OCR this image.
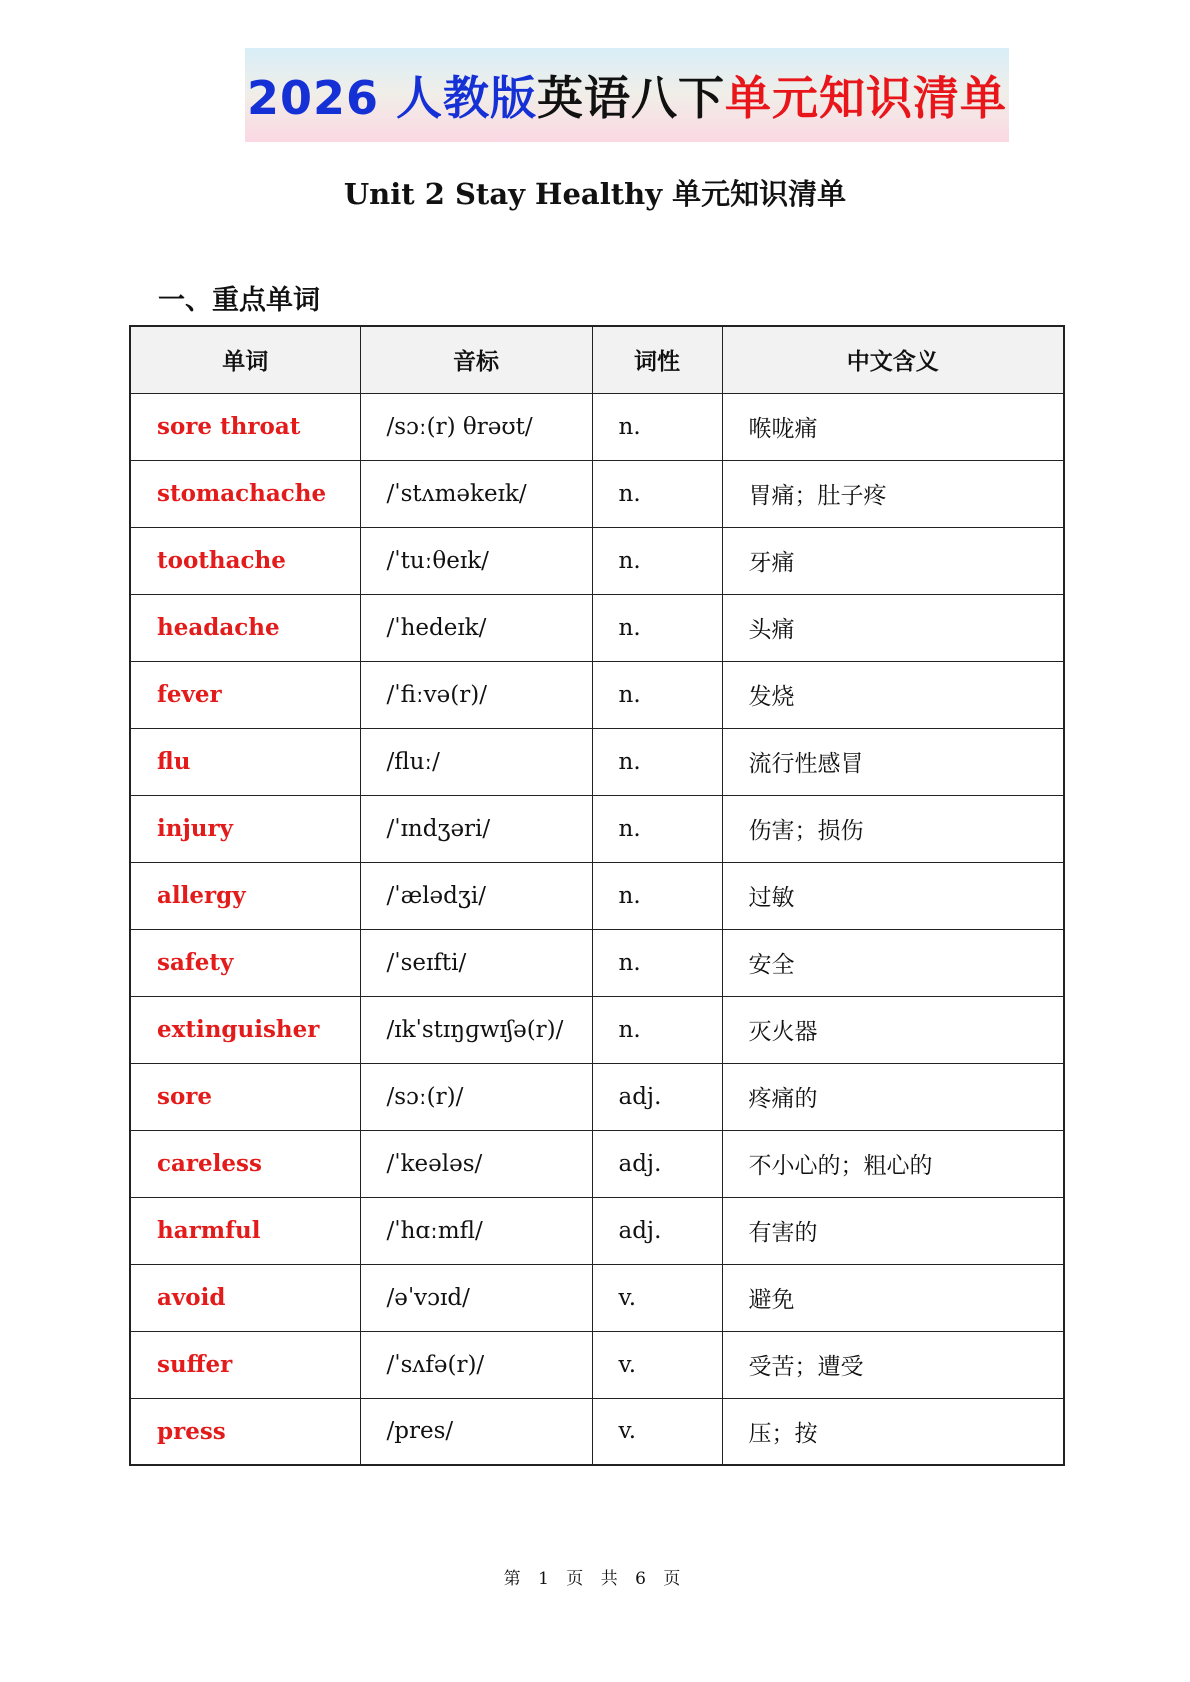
2026 人教版 英语八下 单元知识清单
Unit 2 Stay Healthy 单元知识清单
一、重点单词
单词	音标	词性	中文含义
sore throat	/sɔː(r) θrəʊt/	n.	喉咙痛
stomachache	/ˈstʌməkeɪk/	n.	胃痛；肚子疼
toothache	/ˈtuːθeɪk/	n.	牙痛
headache	/ˈhedeɪk/	n.	头痛
fever	/ˈfiːvə(r)/	n.	发烧
flu	/fluː/	n.	流行性感冒
injury	/ˈɪndʒəri/	n.	伤害；损伤
allergy	/ˈælədʒi/	n.	过敏
safety	/ˈseɪfti/	n.	安全
extinguisher	/ɪkˈstɪŋɡwɪʃə(r)/	n.	灭火器
sore	/sɔː(r)/	adj.	疼痛的
careless	/ˈkeələs/	adj.	不小心的；粗心的
harmful	/ˈhɑːmfl/	adj.	有害的
avoid	/əˈvɔɪd/	v.	避免
suffer	/ˈsʌfə(r)/	v.	受苦；遭受
press	/pres/	v.	压；按
第 1 页 共 6 页
